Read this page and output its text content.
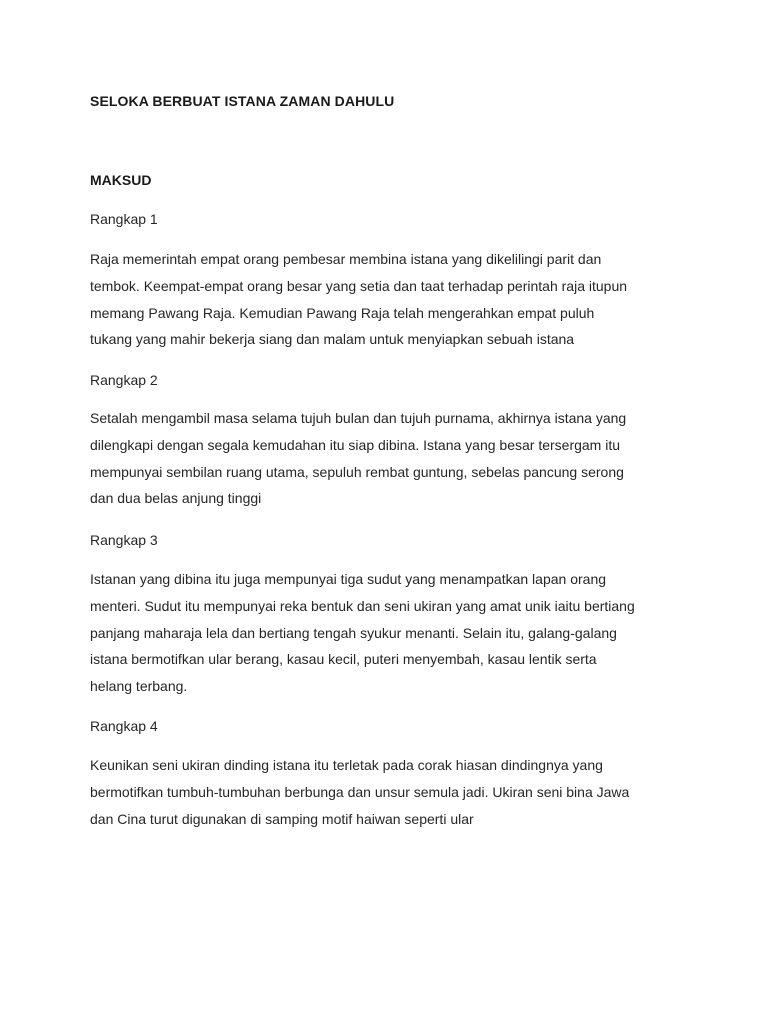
SELOKA BERBUAT ISTANA ZAMAN DAHULU

MAKSUD

Rangkap 1

Raja memerintah empat orang pembesar membina istana yang dikelilingi parit dan
tembok. Keempat-empat orang besar yang setia dan taat terhadap perintah raja itupun
memang Pawang Raja. Kemudian Pawang Raja telah mengerahkan empat puluh
tukang yang mahir bekerja siang dan malam untuk menyiapkan sebuah istana

Rangkap 2

Setalah mengambil masa selama tujuh bulan dan tujuh purnama, akhirnya istana yang
dilengkapi dengan segala kemudahan itu siap dibina. Istana yang besar tersergam itu
mempunyai sembilan ruang utama, sepuluh rembat guntung, sebelas pancung serong
dan dua belas anjung tinggi

Rangkap 3

Istanan yang dibina itu juga mempunyai tiga sudut yang menampatkan lapan orang
menteri. Sudut itu mempunyai reka bentuk dan seni ukiran yang amat unik iaitu bertiang
panjang maharaja lela dan bertiang tengah syukur menanti. Selain itu, galang-galang
istana bermotifkan ular berang, kasau kecil, puteri menyembah, kasau lentik serta
helang terbang.

Rangkap 4

Keunikan seni ukiran dinding istana itu terletak pada corak hiasan dindingnya yang
bermotifkan tumbuh-tumbuhan berbunga dan unsur semula jadi. Ukiran seni bina Jawa
dan Cina turut digunakan di samping motif haiwan seperti ular
